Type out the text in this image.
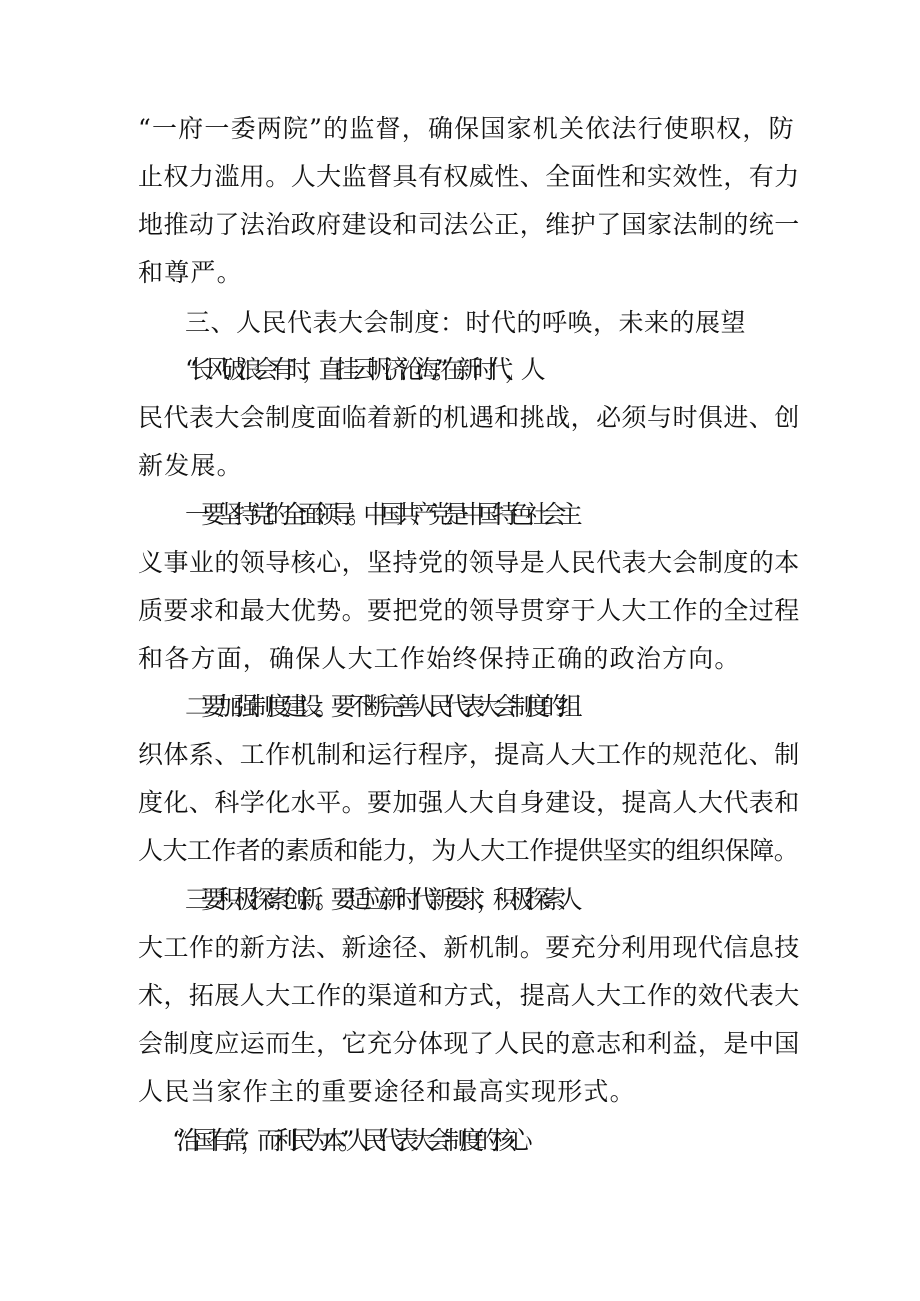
“一府一委两院”的监督，确保国家机关依法行使职权，防
止权力滥用。人大监督具有权威性、全面性和实效性，有力
地推动了法治政府建设和司法公正，维护了国家法制的统一
和尊严。
三、人民代表大会制度：时代的呼唤，未来的展望
“长风破浪会有时，直挂云帆济沧海。”在新时代，人
民代表大会制度面临着新的机遇和挑战，必须与时俱进、创
新发展。
一要坚持党的全面领导。中国共产党是中国特色社会主
义事业的领导核心，坚持党的领导是人民代表大会制度的本
质要求和最大优势。要把党的领导贯穿于人大工作的全过程
和各方面，确保人大工作始终保持正确的政治方向。
二要加强制度建设。要不断完善人民代表大会制度的组
织体系、工作机制和运行程序，提高人大工作的规范化、制
度化、科学化水平。要加强人大自身建设，提高人大代表和
人大工作者的素质和能力，为人大工作提供坚实的组织保障。
三要积极探索创新。要适应新时代新要求，积极探索人
大工作的新方法、新途径、新机制。要充分利用现代信息技
术，拓展人大工作的渠道和方式，提高人大工作的效代表大
会制度应运而生，它充分体现了人民的意志和利益，是中国
人民当家作主的重要途径和最高实现形式。
“治国有常，而利民为本。”人民代表大会制度的核心
